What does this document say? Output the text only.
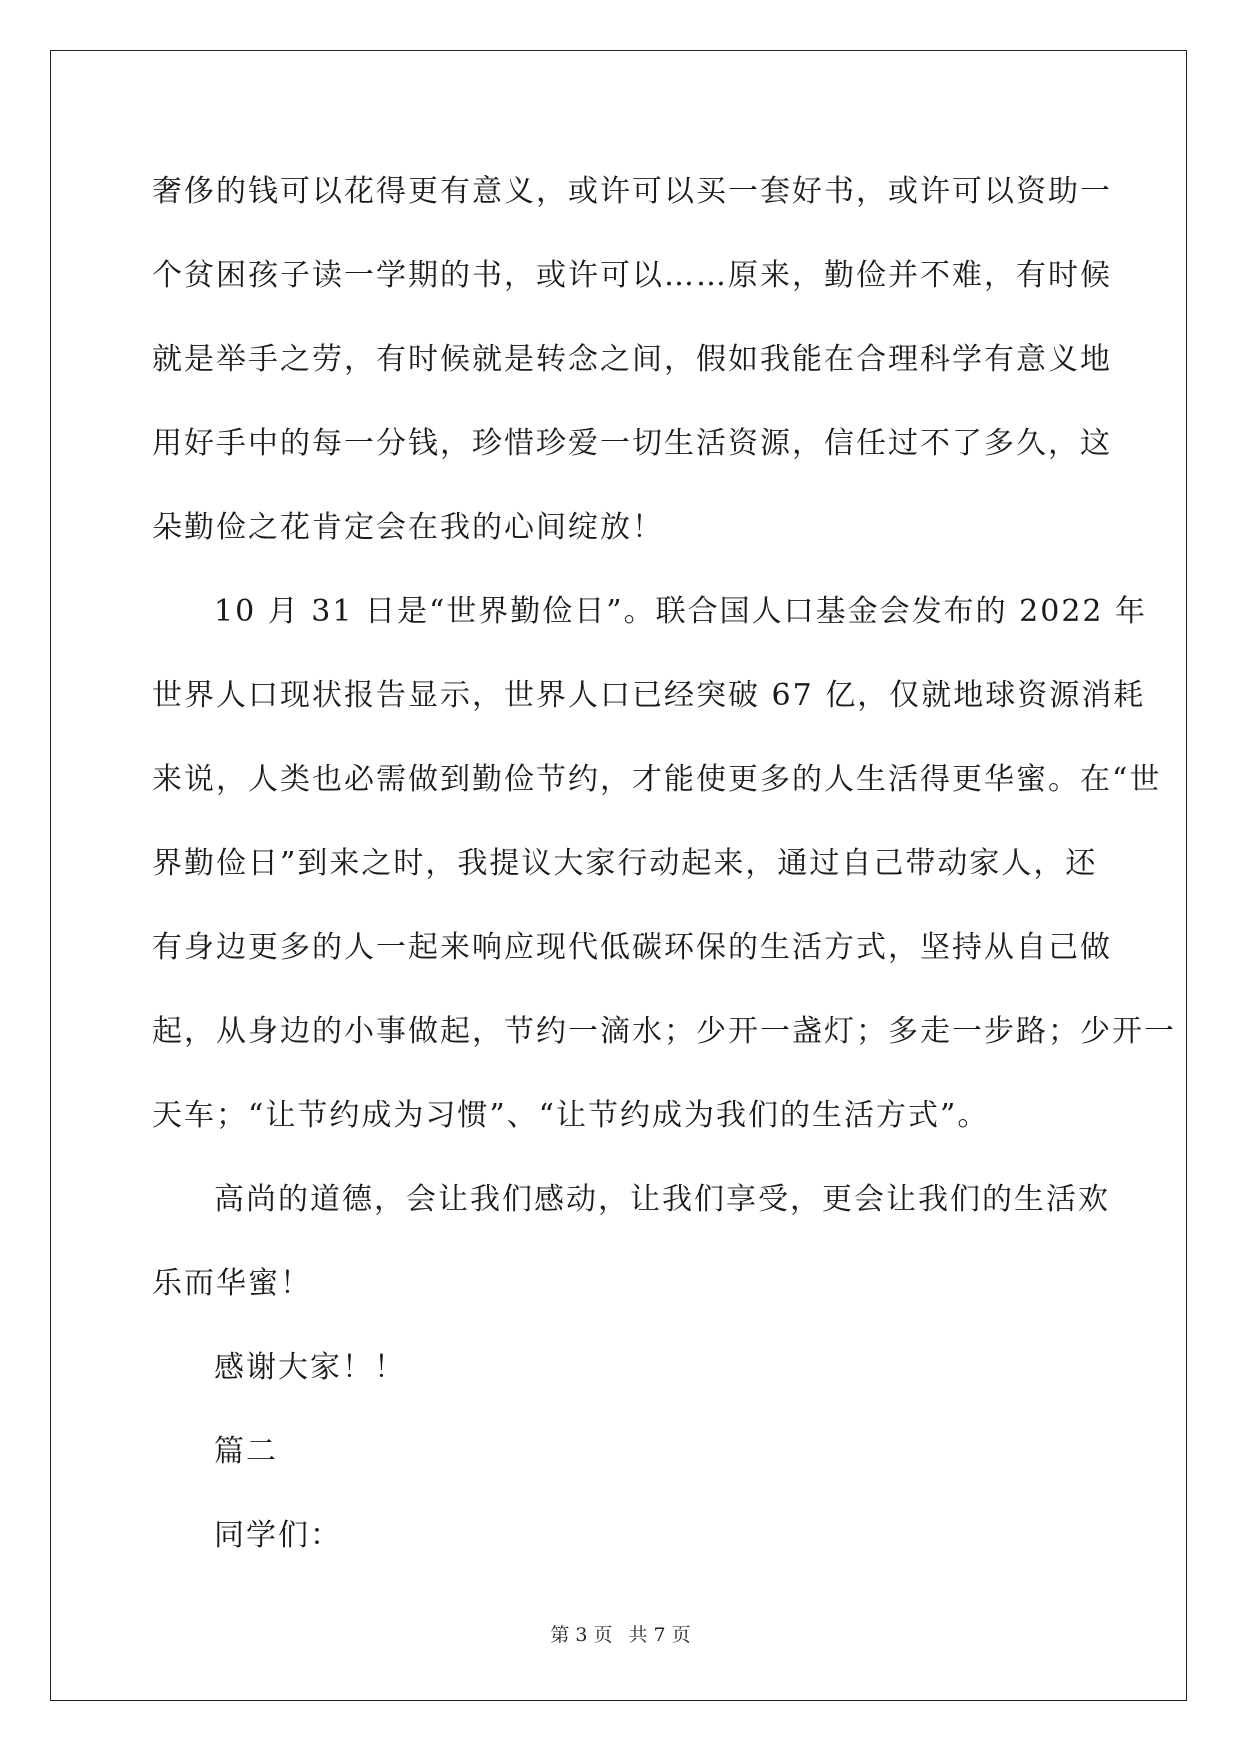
奢侈的钱可以花得更有意义，或许可以买一套好书，或许可以资助一
个贫困孩子读一学期的书，或许可以……原来，勤俭并不难，有时候
就是举手之劳，有时候就是转念之间，假如我能在合理科学有意义地
用好手中的每一分钱，珍惜珍爱一切生活资源，信任过不了多久，这
朵勤俭之花肯定会在我的心间绽放！
10 月 31 日是“世界勤俭日”。联合国人口基金会发布的 2022 年
世界人口现状报告显示，世界人口已经突破 67 亿，仅就地球资源消耗
来说，人类也必需做到勤俭节约，才能使更多的人生活得更华蜜。在“世
界勤俭日”到来之时，我提议大家行动起来，通过自己带动家人，还
有身边更多的人一起来响应现代低碳环保的生活方式，坚持从自己做
起，从身边的小事做起，节约一滴水；少开一盏灯；多走一步路；少开一
天车；“让节约成为习惯”、“让节约成为我们的生活方式”。
高尚的道德，会让我们感动，让我们享受，更会让我们的生活欢
乐而华蜜！
感谢大家！！
篇二
同学们：
第 3 页 共 7 页
